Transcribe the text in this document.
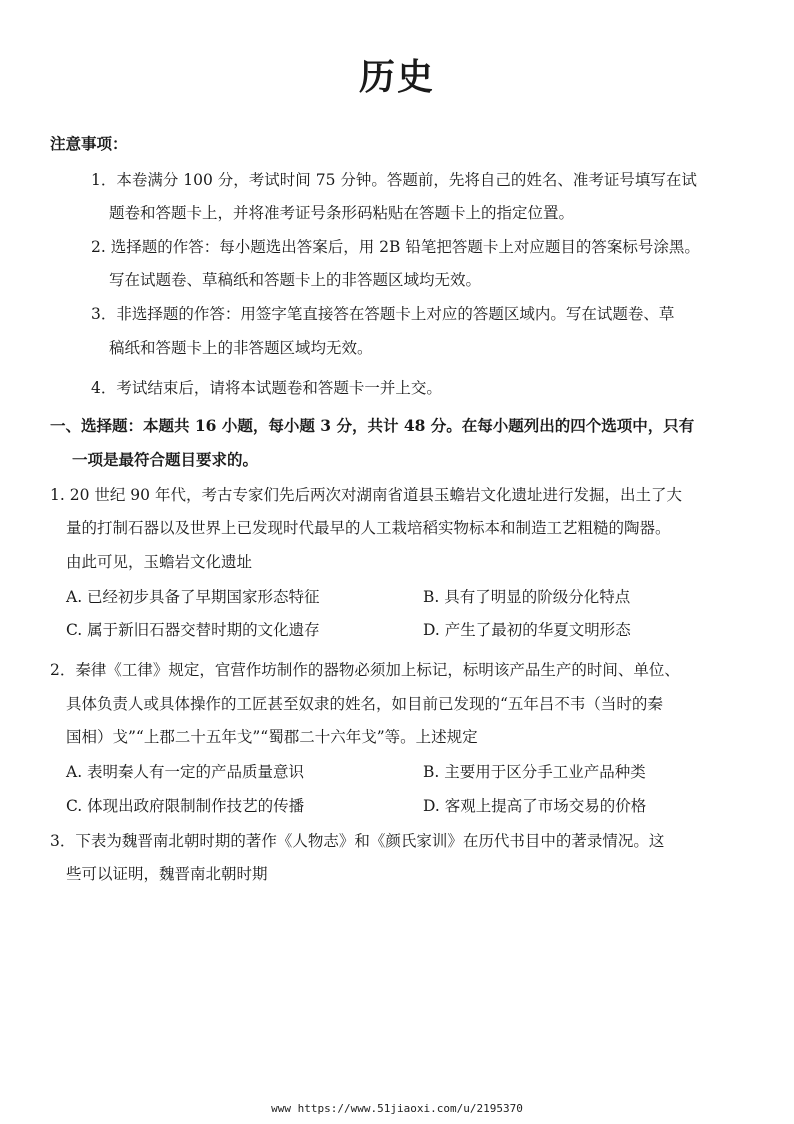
历史
注意事项：
1．本卷满分 100 分，考试时间 75 分钟。答题前，先将自己的姓名、准考证号填写在试
题卷和答题卡上，并将准考证号条形码粘贴在答题卡上的指定位置。
2. 选择题的作答：每小题选出答案后，用 2B 铅笔把答题卡上对应题目的答案标号涂黑。
写在试题卷、草稿纸和答题卡上的非答题区域均无效。
3．非选择题的作答：用签字笔直接答在答题卡上对应的答题区域内。写在试题卷、草
稿纸和答题卡上的非答题区域均无效。
4．考试结束后，请将本试题卷和答题卡一并上交。
一、选择题：本题共 16 小题，每小题 3 分，共计 48 分。在每小题列出的四个选项中，只有
一项是最符合题目要求的。
1. 20 世纪 90 年代，考古专家们先后两次对湖南省道县玉蟾岩文化遗址进行发掘，出土了大
量的打制石器以及世界上已发现时代最早的人工栽培稻实物标本和制造工艺粗糙的陶器。
由此可见，玉蟾岩文化遗址
A. 已经初步具备了早期国家形态特征	B. 具有了明显的阶级分化特点
C. 属于新旧石器交替时期的文化遗存	D. 产生了最初的华夏文明形态
2．秦律《工律》规定，官营作坊制作的器物必须加上标记，标明该产品生产的时间、单位、
具体负责人或具体操作的工匠甚至奴隶的姓名，如目前已发现的“五年吕不韦（当时的秦
国相）戈”“上郡二十五年戈”“蜀郡二十六年戈”等。上述规定
A. 表明秦人有一定的产品质量意识	B. 主要用于区分手工业产品种类
C. 体现出政府限制制作技艺的传播	D. 客观上提高了市场交易的价格
3．下表为魏晋南北朝时期的著作《人物志》和《颜氏家训》在历代书目中的著录情况。这
些可以证明，魏晋南北朝时期
www https://www.51jiaoxi.com/u/2195370
